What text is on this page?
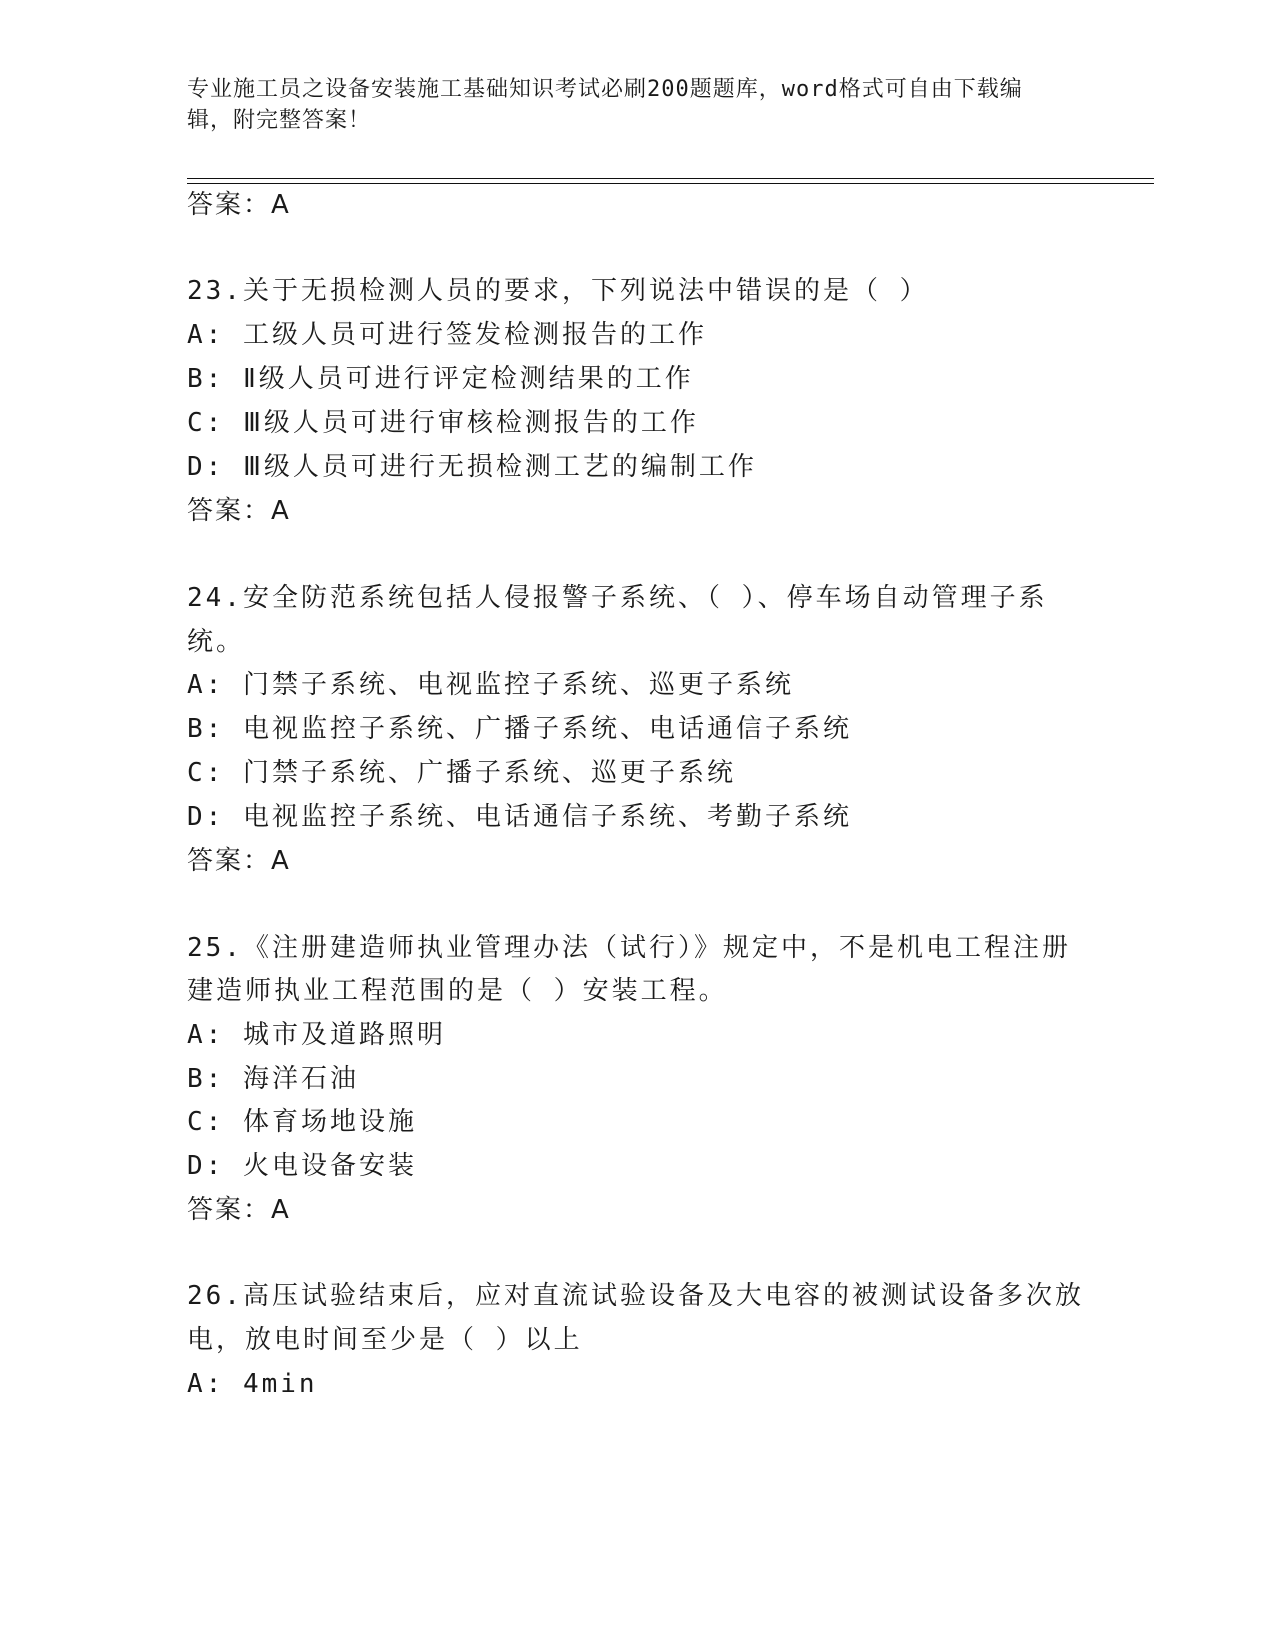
专业施工员之设备安装施工基础知识考试必刷200题题库，word格式可自由下载编辑，附完整答案！
答案：A
23.关于无损检测人员的要求，下列说法中错误的是（ ）
A: 工级人员可进行签发检测报告的工作
B: Ⅱ级人员可进行评定检测结果的工作
C: Ⅲ级人员可进行审核检测报告的工作
D: Ⅲ级人员可进行无损检测工艺的编制工作
答案：A
24.安全防范系统包括人侵报警子系统、（ ）、停车场自动管理子系
统。
A: 门禁子系统、电视监控子系统、巡更子系统
B: 电视监控子系统、广播子系统、电话通信子系统
C: 门禁子系统、广播子系统、巡更子系统
D: 电视监控子系统、电话通信子系统、考勤子系统
答案：A
25.《注册建造师执业管理办法（试行）》规定中，不是机电工程注册
建造师执业工程范围的是（ ）安装工程。
A: 城市及道路照明
B: 海洋石油
C: 体育场地设施
D: 火电设备安装
答案：A
26.高压试验结束后，应对直流试验设备及大电容的被测试设备多次放
电，放电时间至少是（ ）以上
A: 4min
